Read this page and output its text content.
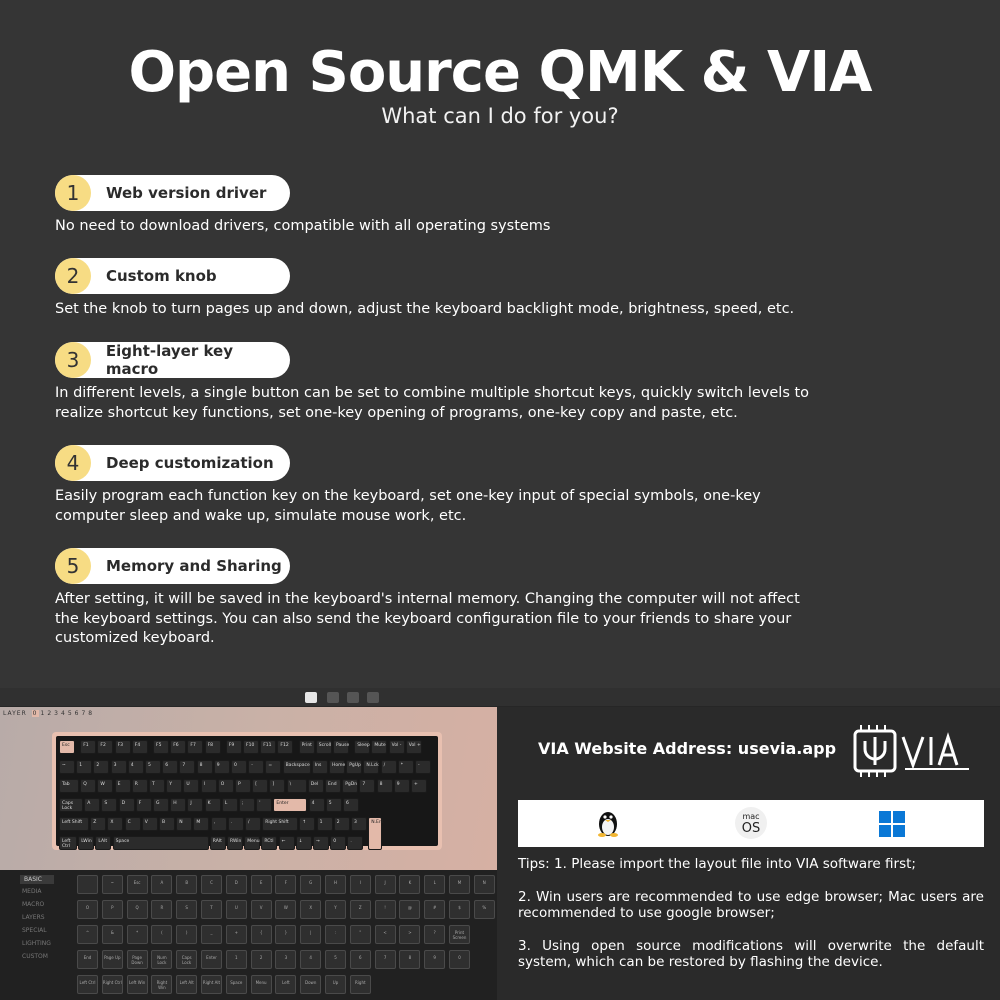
Open Source QMK & VIA
What can I do for you?
1	Web version driver
No need to download drivers, compatible with all operating systems
2	Custom knob
Set the knob to turn pages up and down, adjust the keyboard backlight mode, brightness, speed, etc.
3	Eight-layer key macro
In different levels, a single button can be set to combine multiple shortcut keys, quickly switch levels to realize shortcut key functions, set one-key opening of programs, one-key copy and paste, etc.
4	Deep customization
Easily program each function key on the keyboard, set one-key input of special symbols, one-key computer sleep and wake up, simulate mouse work, etc.
5	Memory and Sharing
After setting, it will be saved in the keyboard's internal memory. Changing the computer will not affect the keyboard settings. You can also send the keyboard configuration file to your friends to share your customized keyboard.
LAYER 0 1 2 3 4 5 6 7 8
Esc	F1	F2	F3	F4	F5	F6	F7	F8	F9	F10	F11	F12	Print	Scroll	Pause	Sleep	Mute	Vol -	Vol +
~	1	2	3	4	5	6	7	8	9	0	-	=	Backspace	Ins	Home PgUp	N.Lck	/	*	-
Tab	Q	W	E	R	T	Y	U	I	O	P	[	]	\	Del	End	PgDn	7	8	9	+
Caps Lock
A	S	D	F	G	H	J	K	L	;	'	Enter	4	5	6
Left Shift	Z	X	C	V	B	N	M	,	.	/	Right Shift	↑	1	2	3	N.Ent
Left Ctrl
LWin	LAlt	Space	RAlt	RWin	Menu	RCtl	←	↓	→	0	.
BASIC
MEDIA
MACRO
LAYERS
SPECIAL
LIGHTING
CUSTOM
~	Esc	A	B	C	D	E	F	G	H	I	J	K	L	M	N
O	P	Q	R	S	T	U	V	W	X	Y	Z	!	@	#	$	%
^	&	*	(	)	_	+	{	}	|	:	"	<	>	?	Print Screen
End	Page Up	Page Down
Num Lock
Caps Lock
Enter	1	2	3	4	5	6	7	8	9	0
Left Ctrl	Right Ctrl	Left Win	Right Win
Left Alt	Right Alt	Space	Menu	Left	Down	Up	Right
VIA Website Address: usevia.app
mac
OS

Tips: 1. Please import the layout file into VIA software first;

2. Win users are recommended to use edge browser; Mac users are recommended to use google browser;

3. Using open source modifications will overwrite the default system, which can be restored by flashing the device.
